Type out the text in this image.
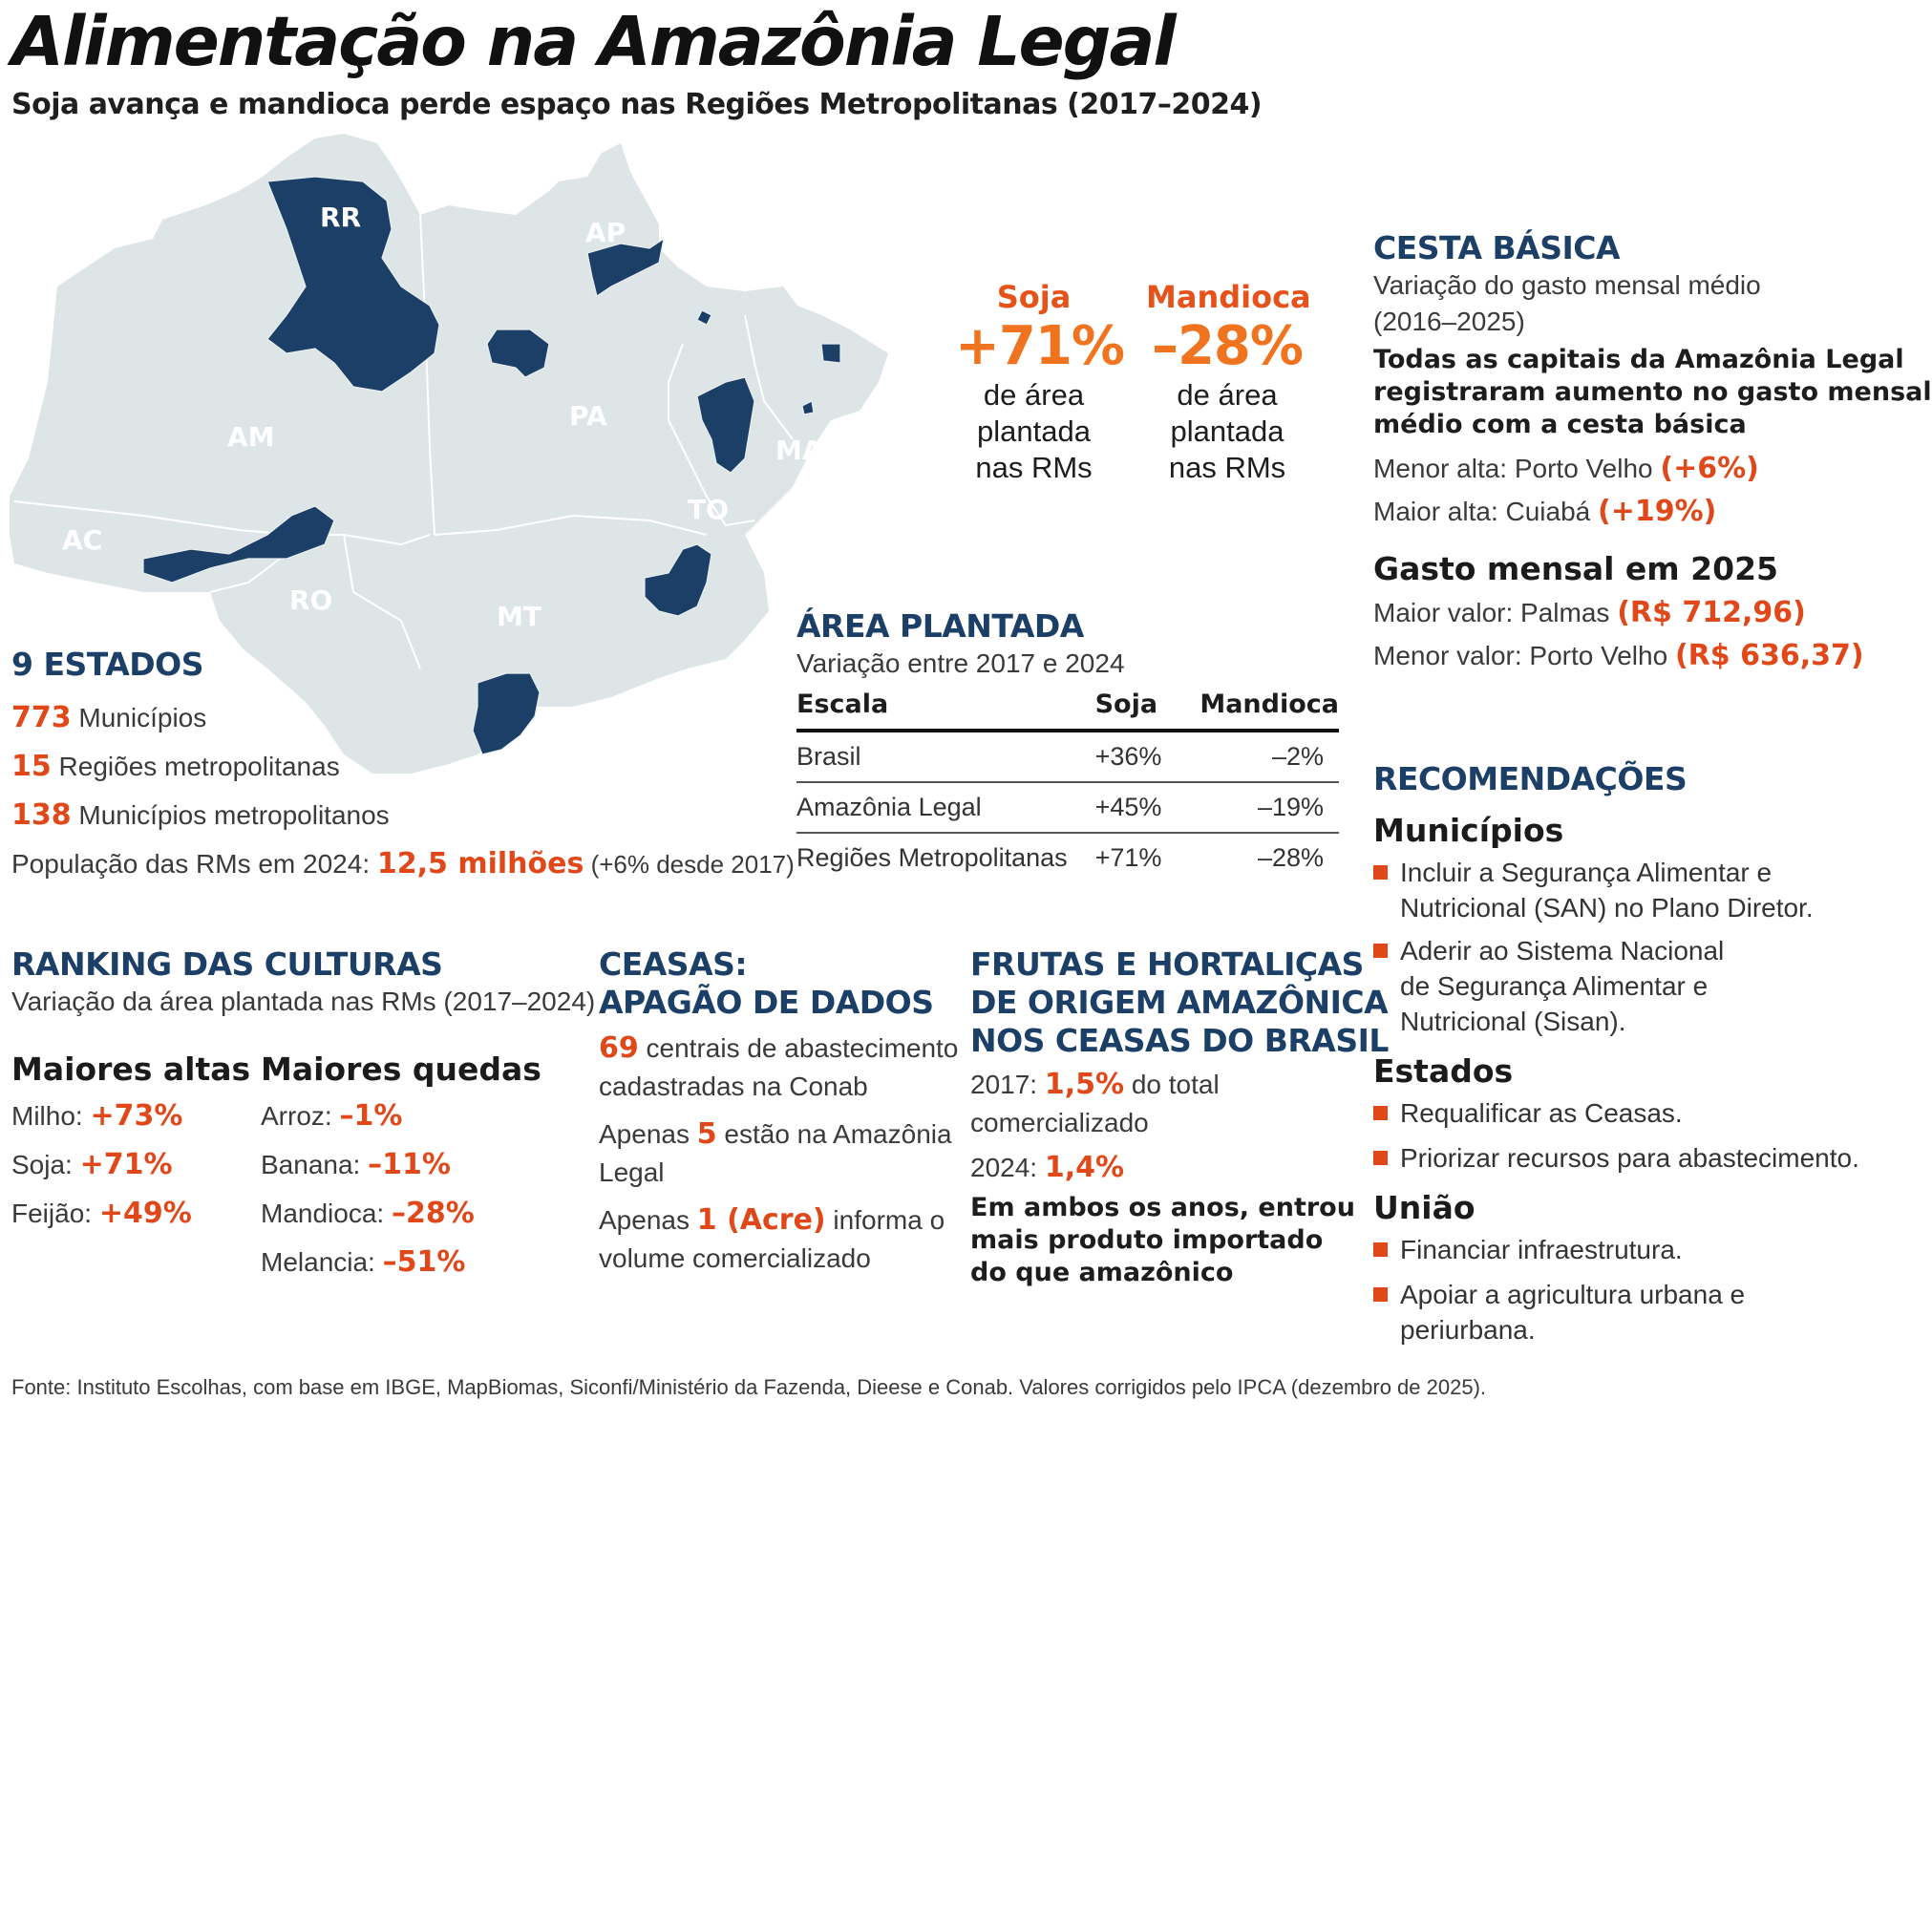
Alimentação na Amazônia Legal
Soja avança e mandioca perde espaço nas Regiões Metropolitanas (2017–2024)
RR	AP
AM
PA
MA
AC
RO
TO
MT
Soja
+71%
de área
plantada
nas RMs
Mandioca
–28%
de área
plantada
nas RMs
9 ESTADOS
773 Municípios
15 Regiões metropolitanas
138 Municípios metropolitanos
População das RMs em 2024: 12,5 milhões (+6% desde 2017)
ÁREA PLANTADA
Variação entre 2017 e 2024
Escala	Soja	Mandioca
Brasil	+36%	–2%
Amazônia Legal	+45%	–19%
Regiões Metropolitanas	+71%	–28%
CESTA BÁSICA
Variação do gasto mensal médio
(2016–2025)
Todas as capitais da Amazônia Legal
registraram aumento no gasto mensal
médio com a cesta básica
Menor alta: Porto Velho (+6%)
Maior alta: Cuiabá (+19%)
Gasto mensal em 2025
Maior valor: Palmas (R$ 712,96)
Menor valor: Porto Velho (R$ 636,37)
RECOMENDAÇÕES
Municípios
Incluir a Segurança Alimentar e
Nutricional (SAN) no Plano Diretor.
Aderir ao Sistema Nacional
de Segurança Alimentar e
Nutricional (Sisan).
Estados
Requalificar as Ceasas.
Priorizar recursos para abastecimento.
União
Financiar infraestrutura.
Apoiar a agricultura urbana e
periurbana.
RANKING DAS CULTURAS
Variação da área plantada nas RMs (2017–2024)
Maiores altas
Milho: +73%
Soja: +71%
Feijão: +49%
Maiores quedas
Arroz: –1%
Banana: –11%
Mandioca: –28%
Melancia: –51%
CEASAS:
APAGÃO DE DADOS
69 centrais de abastecimento
cadastradas na Conab
Apenas 5 estão na Amazônia
Legal
Apenas 1 (Acre) informa o
volume comercializado
FRUTAS E HORTALIÇAS
DE ORIGEM AMAZÔNICA
NOS CEASAS DO BRASIL
2017: 1,5% do total
comercializado
2024: 1,4%
Em ambos os anos, entrou
mais produto importado
do que amazônico
Fonte: Instituto Escolhas, com base em IBGE, MapBiomas, Siconfi/Ministério da Fazenda, Dieese e Conab. Valores corrigidos pelo IPCA (dezembro de 2025).
